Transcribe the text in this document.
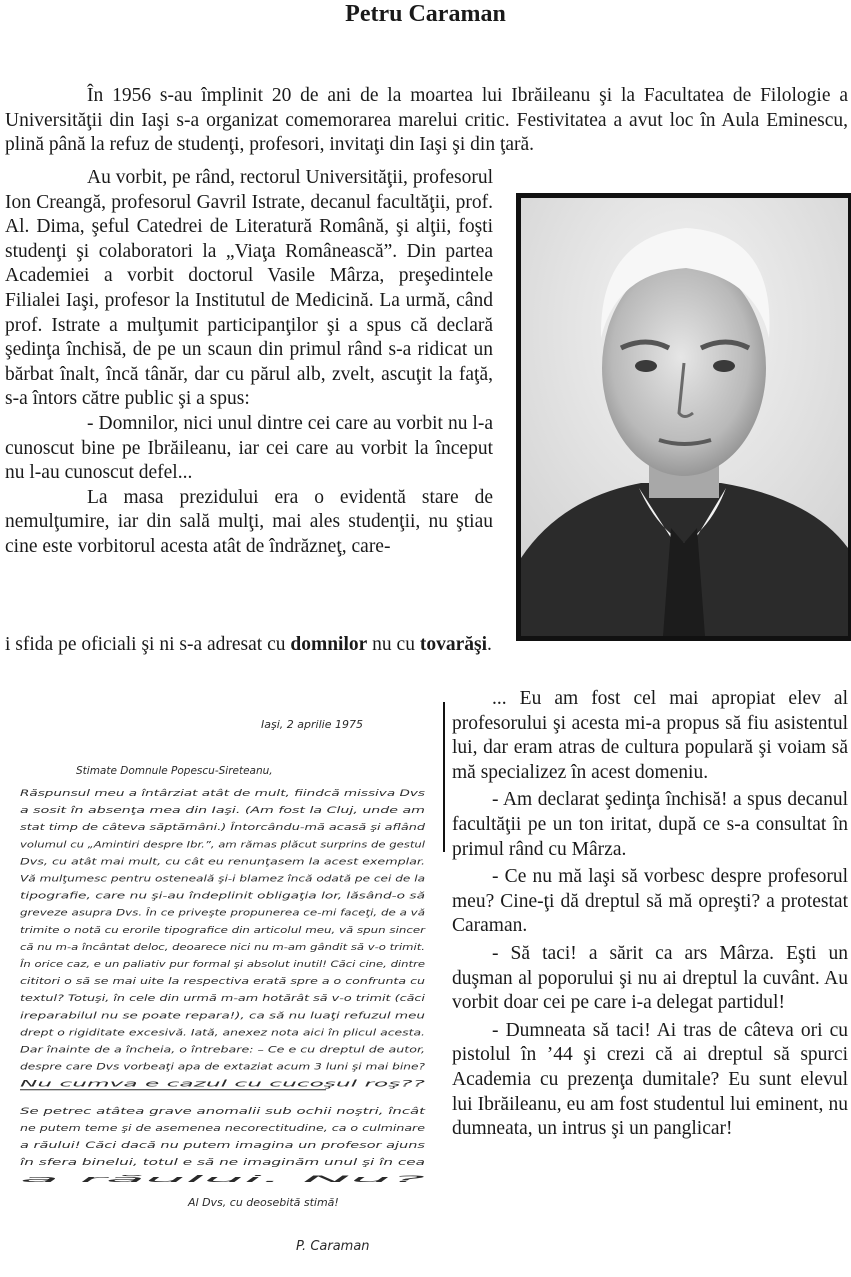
Petru Caraman

În 1956 s-au împlinit 20 de ani de la moartea lui Ibrăileanu şi la Facultatea de Filologie a Universităţii din Iaşi s-a organizat comemorarea marelui critic. Festivitatea a avut loc în Aula Eminescu, plină până la refuz de studenţi, profesori, invitaţi din Iaşi şi din ţară.

Au vorbit, pe rând, rectorul Universităţii, profesorul Ion Creangă, profesorul Gavril Istrate, decanul facultăţii, prof. Al. Dima, şeful Catedrei de Literatură Română, şi alţii, foşti studenţi şi colaboratori la „Viaţa Românească”. Din partea Academiei a vorbit doctorul Vasile Mârza, preşedintele Filialei Iaşi, profesor la Institutul de Medicină. La urmă, când prof. Istrate a mulţumit participanţilor şi a spus că declară şedinţa închisă, de pe un scaun din primul rând s-a ridicat un bărbat înalt, încă tânăr, dar cu părul alb, zvelt, ascuţit la faţă, s-a întors către public şi a spus:

- Domnilor, nici unul dintre cei care au vorbit nu l-a cunoscut bine pe Ibrăileanu, iar cei care au vorbit la început nu l-au cunoscut defel...

La masa prezidului era o evidentă stare de nemulţumire, iar din sală mulţi, mai ales studenţii, nu ştiau cine este vorbitorul acesta atât de îndrăzneţ, care-

i sfida pe oficiali şi ni s-a adresat cu domnilor nu cu tovarăşi.

Iaşi, 2 aprilie 1975
Stimate Domnule Popescu-Sireteanu,
Răspunsul meu a întârziat atât de mult, fiindcă missiva Dvs
a sosit în absenţa mea din Iaşi. (Am fost la Cluj, unde am
stat timp de câteva săptămâni.) Întorcându-mă acasă şi aflând
volumul cu „Amintiri despre Ibr.”, am rămas plăcut surprins de gestul
Dvs, cu atât mai mult, cu cât eu renunţasem la acest exemplar.
Vă mulţumesc pentru osteneală şi-i blamez încă odată pe cei de la
tipografie, care nu şi-au îndeplinit obligaţia lor, lăsând-o să
greveze asupra Dvs. În ce priveşte propunerea ce-mi faceţi, de a vă
trimite o notă cu erorile tipografice din articolul meu, vă spun sincer
că nu m-a încântat deloc, deoarece nici nu m-am gândit să v-o trimit.
În orice caz, e un paliativ pur formal şi absolut inutil! Căci cine, dintre
cititori o să se mai uite la respectiva erată spre a o confrunta cu
textul? Totuşi, în cele din urmă m-am hotărât să v-o trimit (căci
ireparabilul nu se poate repara!), ca să nu luaţi refuzul meu
drept o rigiditate excesivă. Iată, anexez nota aici în plicul acesta.
Dar înainte de a încheia, o întrebare: – Ce e cu dreptul de autor,
despre care Dvs vorbeaţi apa de extaziat acum 3 luni şi mai bine?
Nu cumva e cazul cu cucoşul roş??
Se petrec atâtea grave anomalii sub ochii noştri, încât
ne putem teme şi de asemenea necorectitudine, ca o culminare
a răului! Căci dacă nu putem imagina un profesor ajuns
în sfera binelui, totul e să ne imaginăm unul şi în cea
a răului. Nu?
Al Dvs, cu deosebită stimă!
P. Caraman

... Eu am fost cel mai apropiat elev al profesorului şi acesta mi-a propus să fiu asistentul lui, dar eram atras de cultura populară şi voiam să mă specializez în acest domeniu.

- Am declarat şedinţa închisă! a spus decanul facultăţii pe un ton iritat, după ce s-a consultat în primul rând cu Mârza.

- Ce nu mă laşi să vorbesc despre profesorul meu? Cine-ţi dă dreptul să mă opreşti? a protestat Caraman.

- Să taci! a sărit ca ars Mârza. Eşti un duşman al poporului şi nu ai dreptul la cuvânt. Au vorbit doar cei pe care i-a delegat partidul!

- Dumneata să taci! Ai tras de câteva ori cu pistolul în ’44 şi crezi că ai dreptul să spurci Academia cu prezenţa dumitale? Eu sunt elevul lui Ibrăileanu, eu am fost studentul lui eminent, nu dumneata, un intrus şi un panglicar!
